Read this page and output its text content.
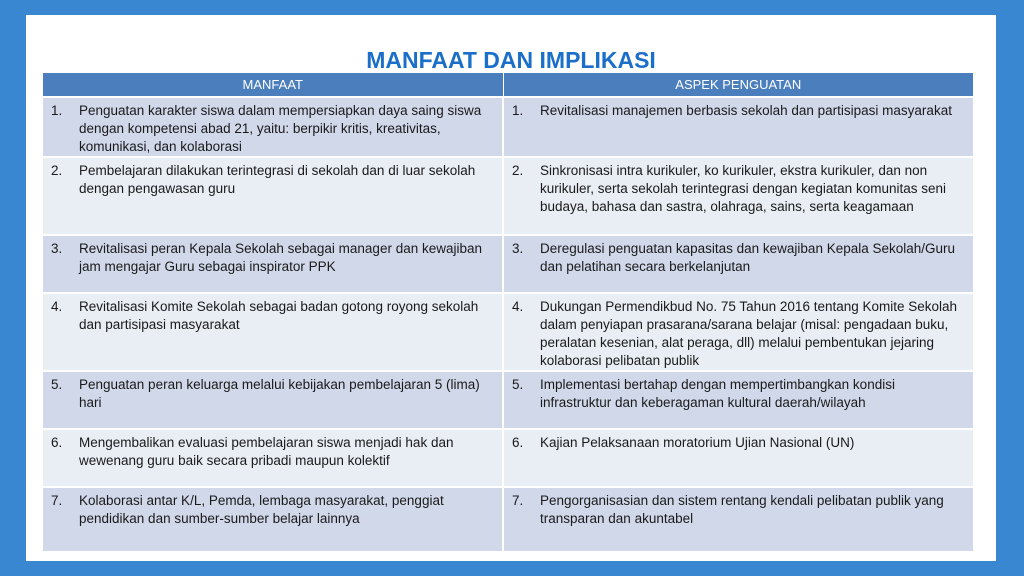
MANFAAT DAN IMPLIKASI
MANFAAT	ASPEK PENGUATAN

1. Penguatan karakter siswa dalam mempersiapkan daya saing siswa dengan kompetensi abad 21, yaitu: berpikir kritis, kreativitas, komunikasi, dan kolaborasi	1. Revitalisasi manajemen berbasis sekolah dan partisipasi masyarakat

2. Pembelajaran dilakukan terintegrasi di sekolah dan di luar sekolah dengan pengawasan guru	2. Sinkronisasi intra kurikuler, ko kurikuler, ekstra kurikuler, dan non kurikuler, serta sekolah terintegrasi dengan kegiatan komunitas seni budaya, bahasa dan sastra, olahraga, sains, serta keagamaan

3. Revitalisasi peran Kepala Sekolah sebagai manager dan kewajiban jam mengajar Guru sebagai inspirator PPK	3. Deregulasi penguatan kapasitas dan kewajiban Kepala Sekolah/Guru dan pelatihan secara berkelanjutan

4. Revitalisasi Komite Sekolah sebagai badan gotong royong sekolah dan partisipasi masyarakat	4. Dukungan Permendikbud No. 75 Tahun 2016 tentang Komite Sekolah dalam penyiapan prasarana/sarana belajar (misal: pengadaan buku, peralatan kesenian, alat peraga, dll) melalui pembentukan jejaring kolaborasi pelibatan publik

5. Penguatan peran keluarga melalui kebijakan pembelajaran 5 (lima) hari	5. Implementasi bertahap dengan mempertimbangkan kondisi infrastruktur dan keberagaman kultural daerah/wilayah

6. Mengembalikan evaluasi pembelajaran siswa menjadi hak dan wewenang guru baik secara pribadi maupun kolektif	6. Kajian Pelaksanaan moratorium Ujian Nasional (UN)

7. Kolaborasi antar K/L, Pemda, lembaga masyarakat, penggiat pendidikan dan sumber-sumber belajar lainnya	7. Pengorganisasian dan sistem rentang kendali pelibatan publik yang transparan dan akuntabel
